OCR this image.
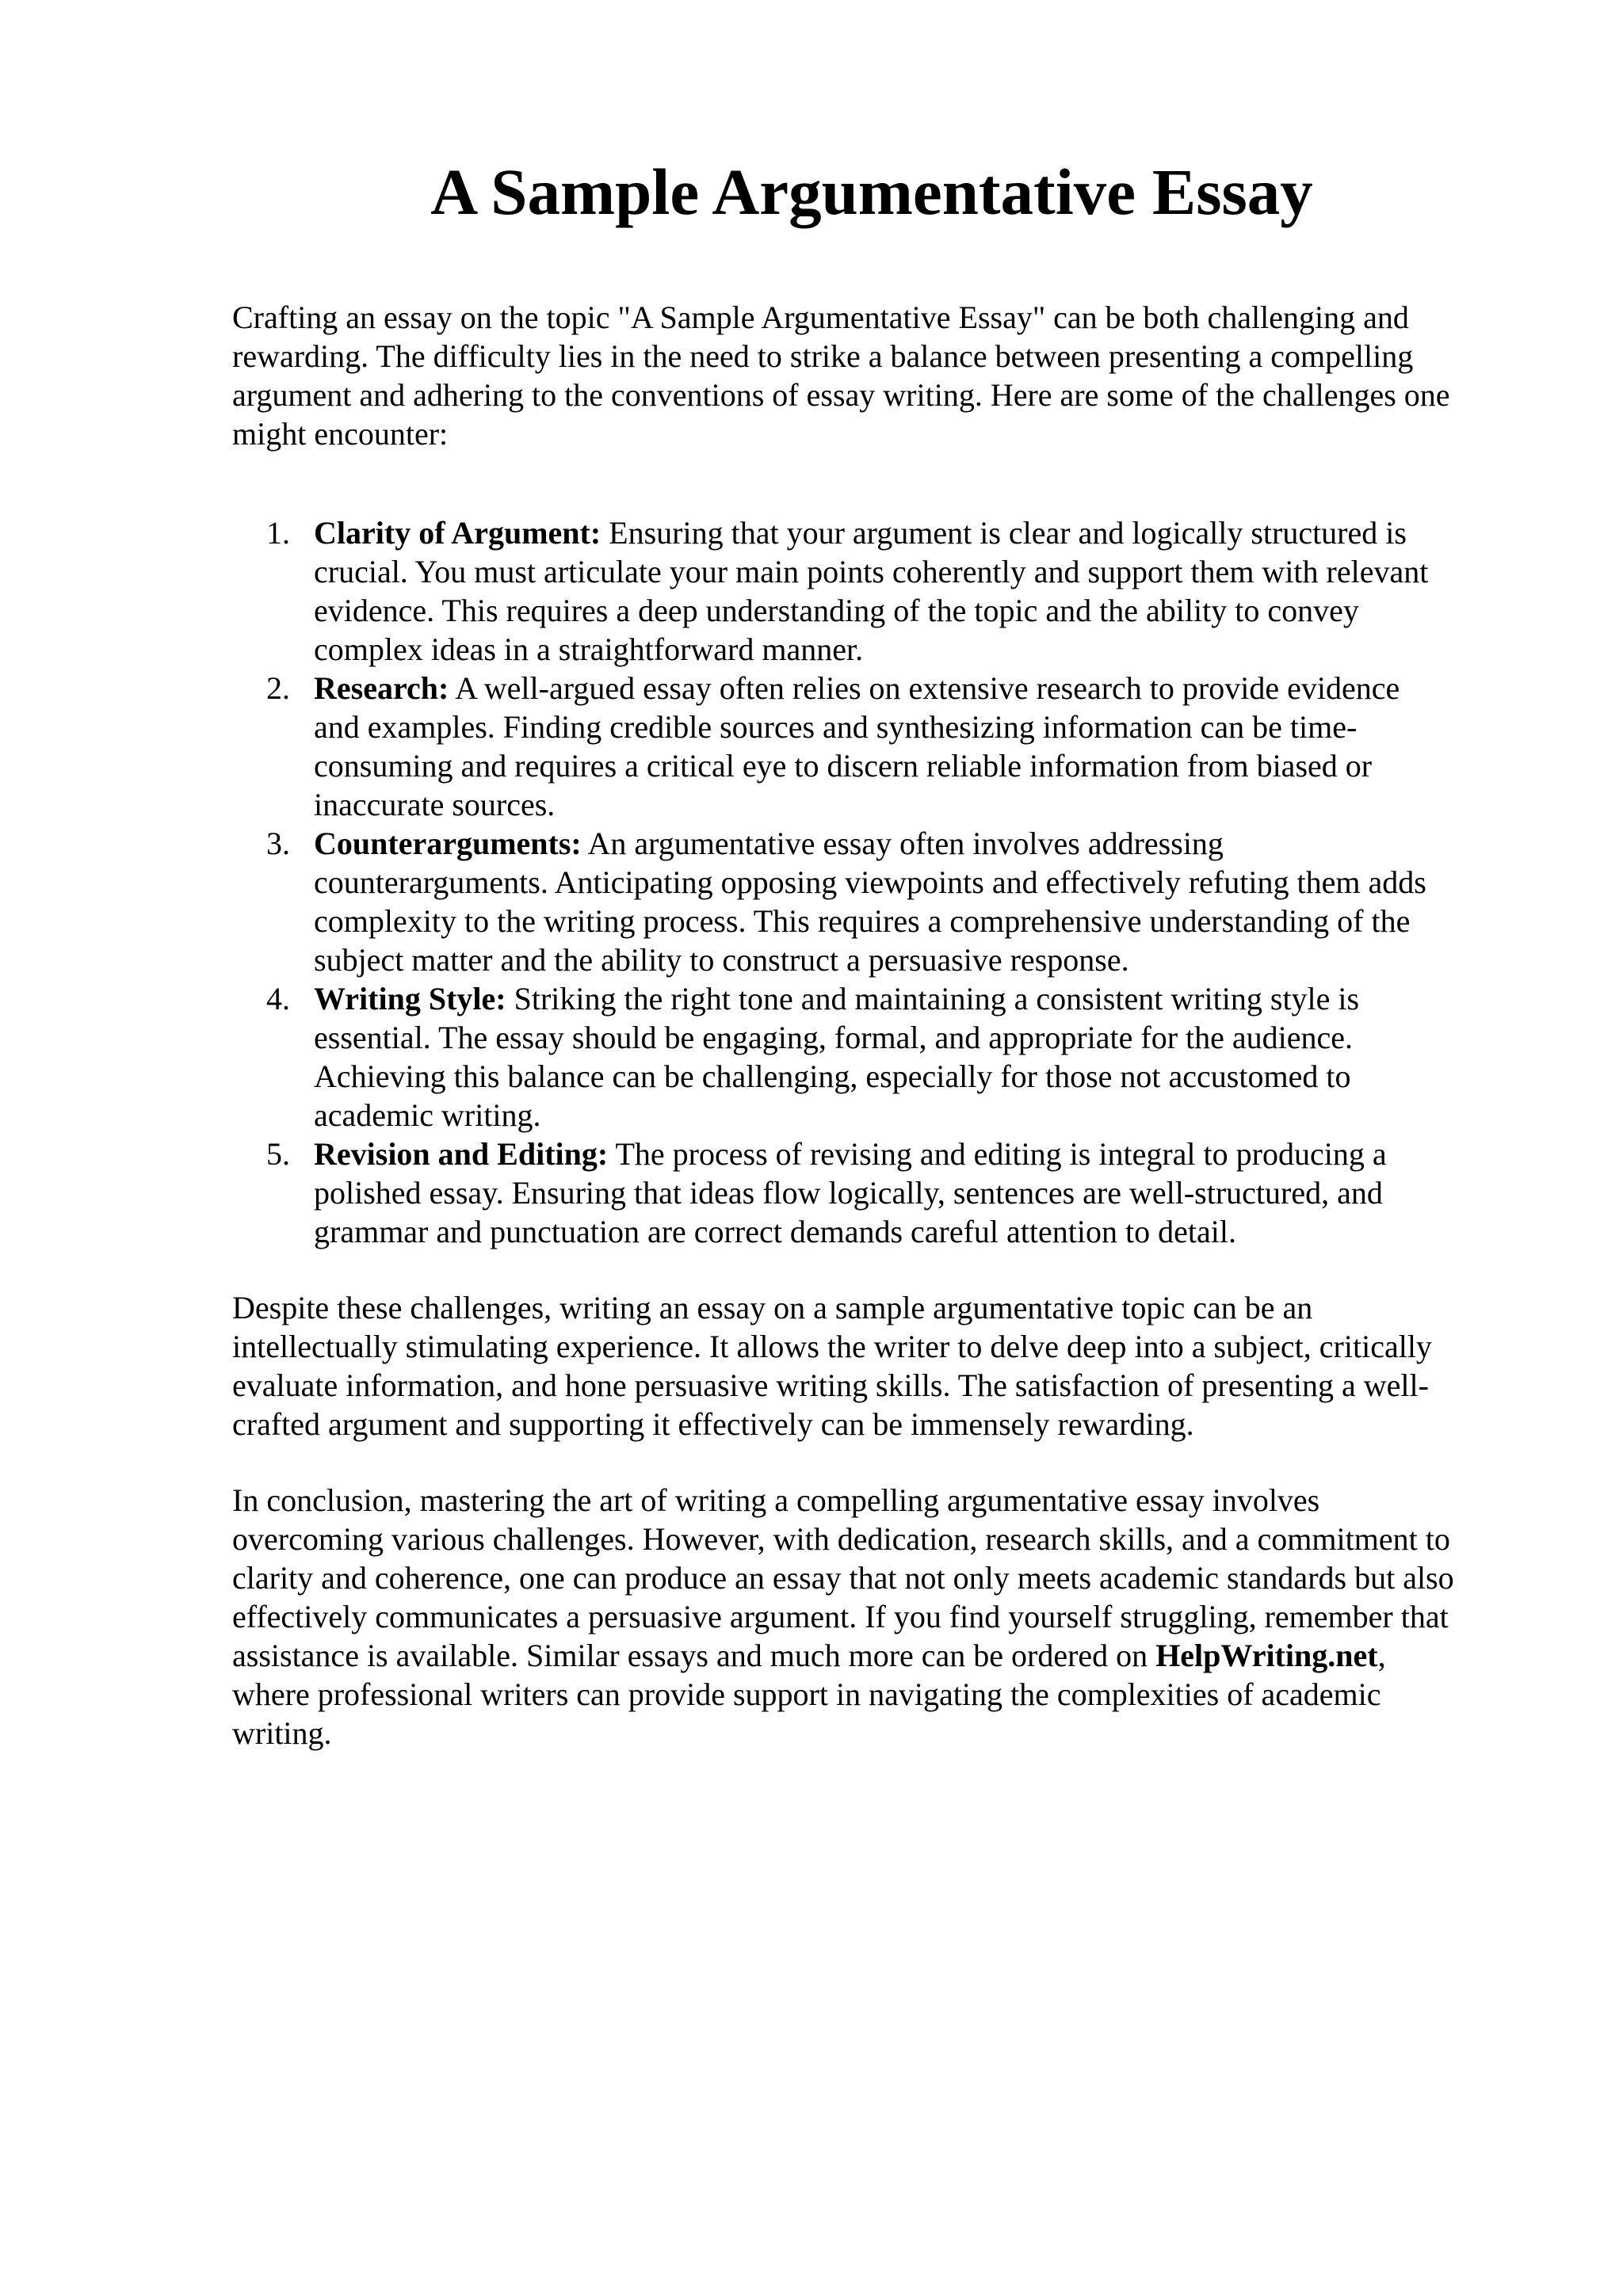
A Sample Argumentative Essay

Crafting an essay on the topic "A Sample Argumentative Essay" can be both challenging and
rewarding. The difficulty lies in the need to strike a balance between presenting a compelling
argument and adhering to the conventions of essay writing. Here are some of the challenges one
might encounter:

1. Clarity of Argument: Ensuring that your argument is clear and logically structured is
crucial. You must articulate your main points coherently and support them with relevant
evidence. This requires a deep understanding of the topic and the ability to convey
complex ideas in a straightforward manner.
2. Research: A well-argued essay often relies on extensive research to provide evidence
and examples. Finding credible sources and synthesizing information can be time-
consuming and requires a critical eye to discern reliable information from biased or
inaccurate sources.
3. Counterarguments: An argumentative essay often involves addressing
counterarguments. Anticipating opposing viewpoints and effectively refuting them adds
complexity to the writing process. This requires a comprehensive understanding of the
subject matter and the ability to construct a persuasive response.
4. Writing Style: Striking the right tone and maintaining a consistent writing style is
essential. The essay should be engaging, formal, and appropriate for the audience.
Achieving this balance can be challenging, especially for those not accustomed to
academic writing.
5. Revision and Editing: The process of revising and editing is integral to producing a
polished essay. Ensuring that ideas flow logically, sentences are well-structured, and
grammar and punctuation are correct demands careful attention to detail.

Despite these challenges, writing an essay on a sample argumentative topic can be an
intellectually stimulating experience. It allows the writer to delve deep into a subject, critically
evaluate information, and hone persuasive writing skills. The satisfaction of presenting a well-
crafted argument and supporting it effectively can be immensely rewarding.

In conclusion, mastering the art of writing a compelling argumentative essay involves
overcoming various challenges. However, with dedication, research skills, and a commitment to
clarity and coherence, one can produce an essay that not only meets academic standards but also
effectively communicates a persuasive argument. If you find yourself struggling, remember that
assistance is available. Similar essays and much more can be ordered on HelpWriting.net,
where professional writers can provide support in navigating the complexities of academic
writing.
